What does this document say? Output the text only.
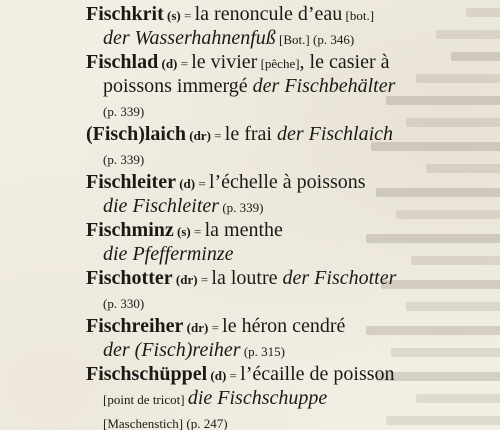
Fischkrit (s) = la renoncule d’eau [bot.]
der Wasserhahnenfuß [Bot.] (p. 346)
Fischlad (d) = le vivier [pêche], le casier à
poissons immergé der Fischbehälter
(p. 339)
(Fisch)laich (dr) = le frai der Fischlaich
(p. 339)
Fischleiter (d) = l’échelle à poissons
die Fischleiter (p. 339)
Fischminz (s) = la menthe
die Pfefferminze
Fischotter (dr) = la loutre der Fischotter
(p. 330)
Fischreiher (dr) = le héron cendré
der (Fisch)reiher (p. 315)
Fischschüppel (d) = l’écaille de poisson
[point de tricot] die Fischschuppe
[Maschenstich] (p. 247)
